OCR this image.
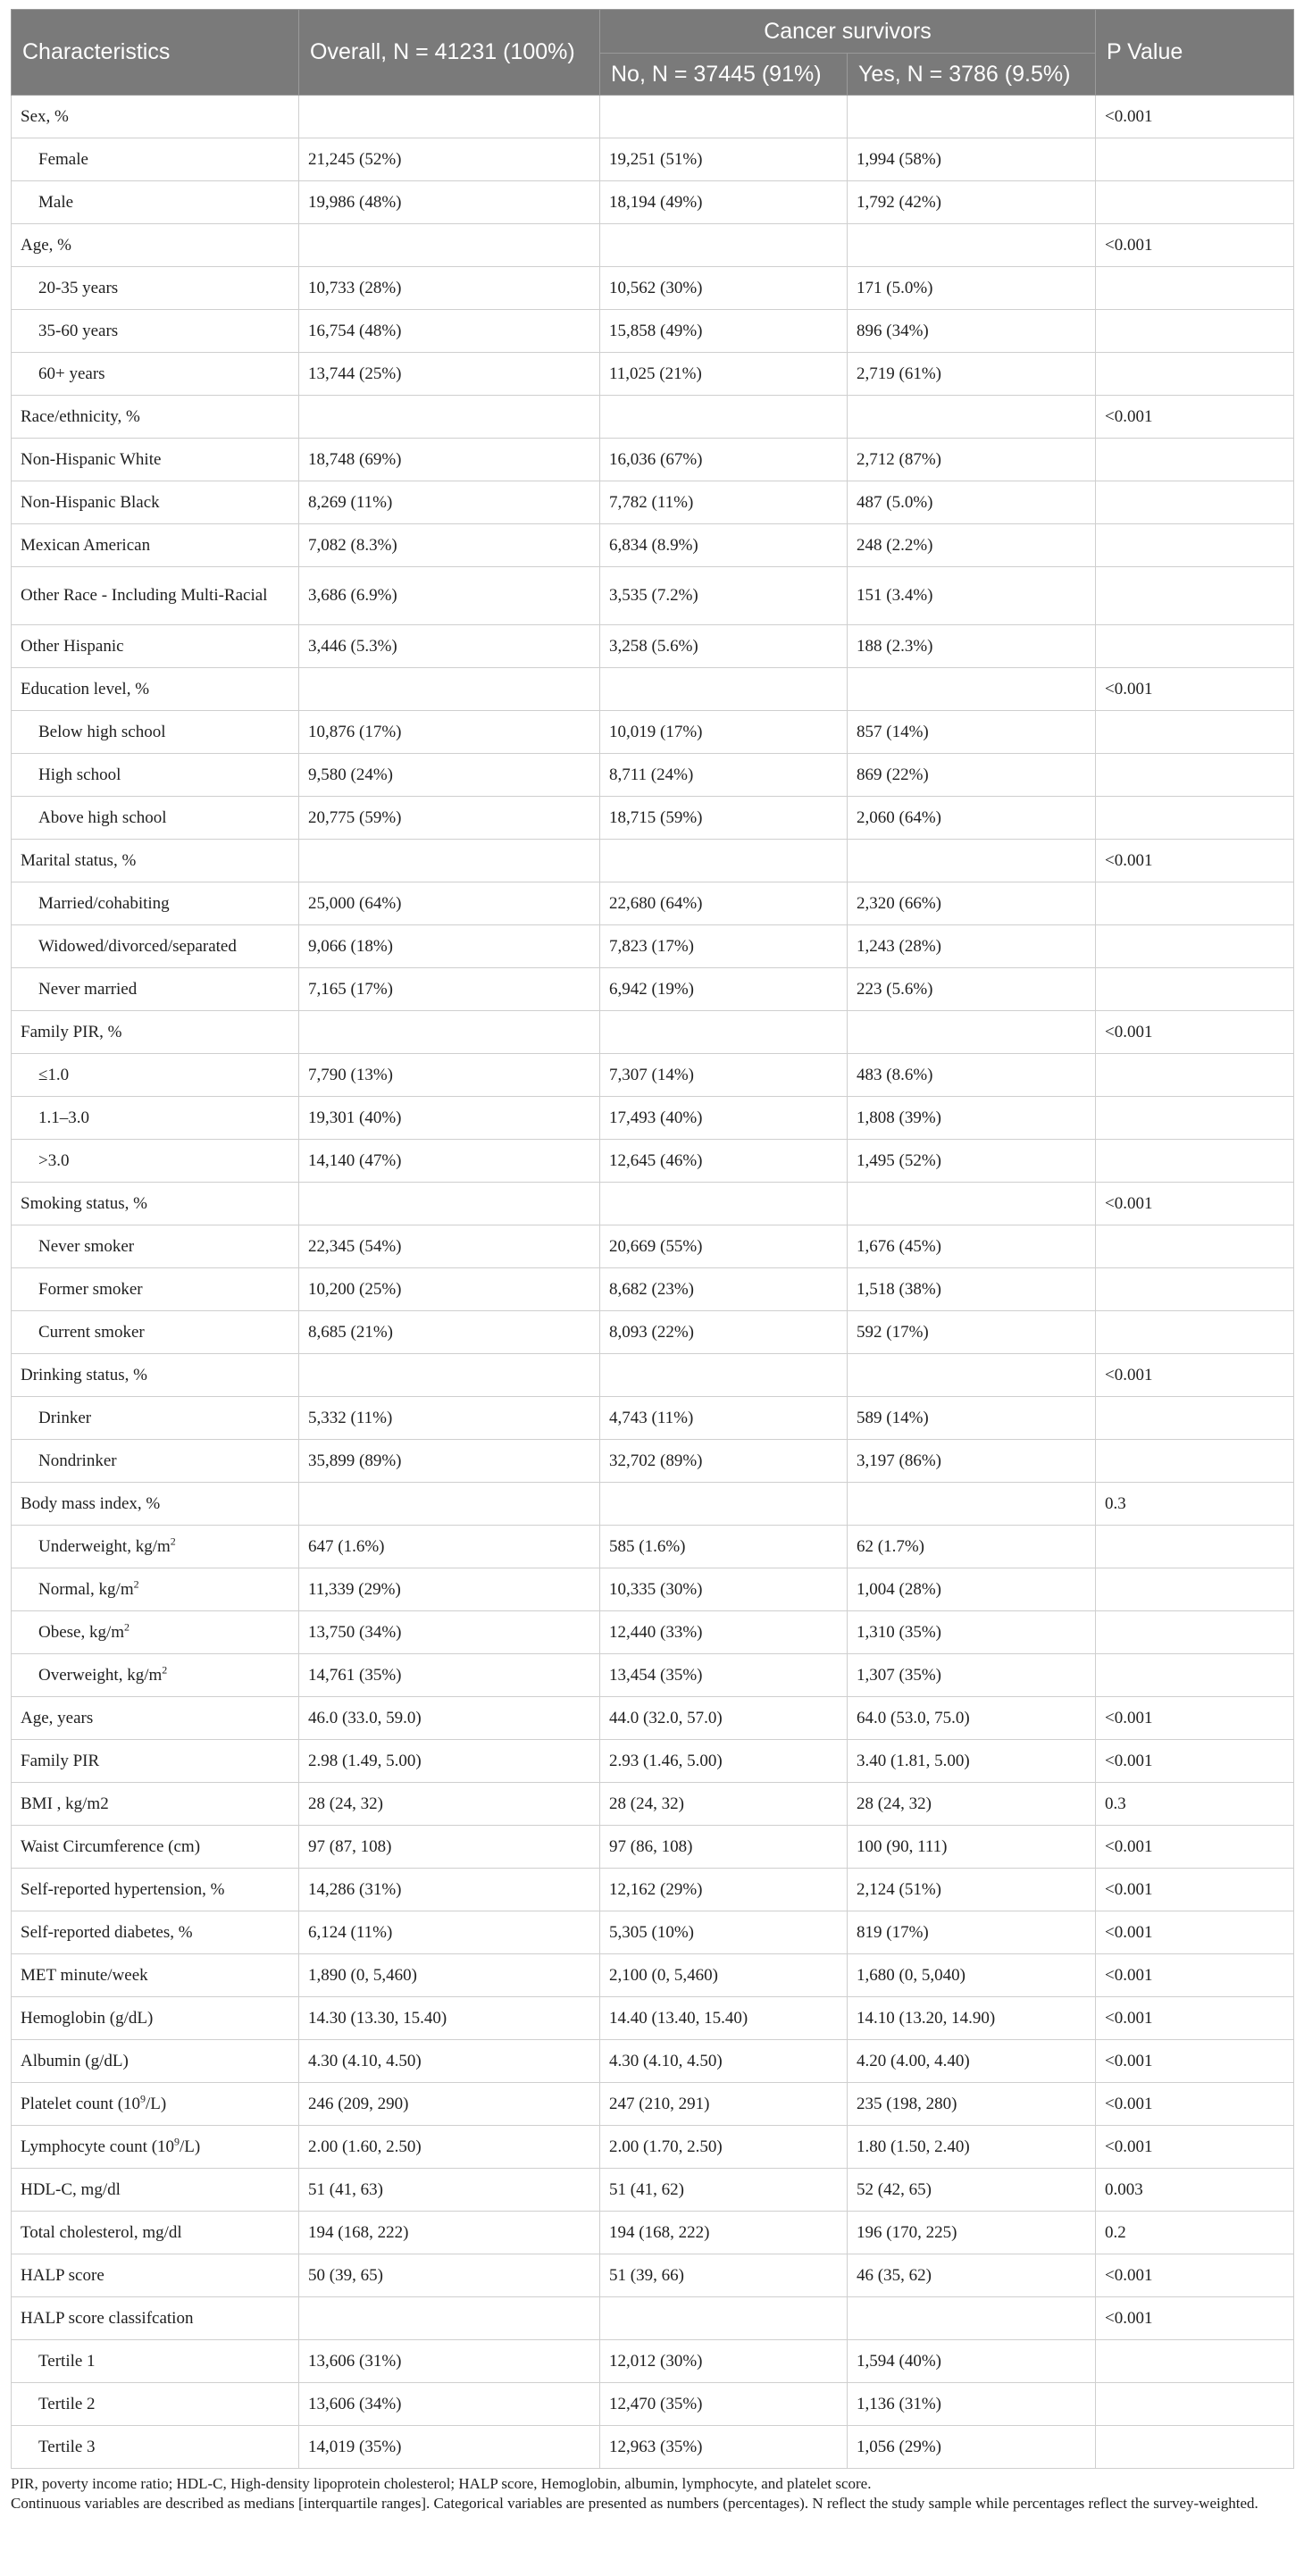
Characteristics	Overall, N = 41231 (100%)	Cancer survivors		P Value
		No, N = 37445 (91%)	Yes, N = 3786 (9.5%)	
Sex, %				<0.001
Female	21,245 (52%)	19,251 (51%)	1,994 (58%)	
Male	19,986 (48%)	18,194 (49%)	1,792 (42%)	
Age, %				<0.001
20-35 years	10,733 (28%)	10,562 (30%)	171 (5.0%)	
35-60 years	16,754 (48%)	15,858 (49%)	896 (34%)	
60+ years	13,744 (25%)	11,025 (21%)	2,719 (61%)	
Race/ethnicity, %				<0.001
Non-Hispanic White	18,748 (69%)	16,036 (67%)	2,712 (87%)	
Non-Hispanic Black	8,269 (11%)	7,782 (11%)	487 (5.0%)	
Mexican American	7,082 (8.3%)	6,834 (8.9%)	248 (2.2%)	
Other Race - Including Multi-Racial	3,686 (6.9%)	3,535 (7.2%)	151 (3.4%)	
Other Hispanic	3,446 (5.3%)	3,258 (5.6%)	188 (2.3%)	
Education level, %				<0.001
Below high school	10,876 (17%)	10,019 (17%)	857 (14%)	
High school	9,580 (24%)	8,711 (24%)	869 (22%)	
Above high school	20,775 (59%)	18,715 (59%)	2,060 (64%)	
Marital status, %				<0.001
Married/cohabiting	25,000 (64%)	22,680 (64%)	2,320 (66%)	
Widowed/divorced/separated	9,066 (18%)	7,823 (17%)	1,243 (28%)	
Never married	7,165 (17%)	6,942 (19%)	223 (5.6%)	
Family PIR, %				<0.001
≤1.0	7,790 (13%)	7,307 (14%)	483 (8.6%)	
1.1–3.0	19,301 (40%)	17,493 (40%)	1,808 (39%)	
>3.0	14,140 (47%)	12,645 (46%)	1,495 (52%)	
Smoking status, %				<0.001
Never smoker	22,345 (54%)	20,669 (55%)	1,676 (45%)	
Former smoker	10,200 (25%)	8,682 (23%)	1,518 (38%)	
Current smoker	8,685 (21%)	8,093 (22%)	592 (17%)	
Drinking status, %				<0.001
Drinker	5,332 (11%)	4,743 (11%)	589 (14%)	
Nondrinker	35,899 (89%)	32,702 (89%)	3,197 (86%)	
Body mass index, %				0.3
Underweight, $kg/m^2$	647 (1.6%)	585 (1.6%)	62 (1.7%)	
Normal, $kg/m^2$	11,339 (29%)	10,335 (30%)	1,004 (28%)	
Obese, $kg/m^2$	13,750 (34%)	12,440 (33%)	1,310 (35%)	
Overweight, $kg/m^2$	14,761 (35%)	13,454 (35%)	1,307 (35%)	
Age, years	46.0 (33.0, 59.0)	44.0 (32.0, 57.0)	64.0 (53.0, 75.0)	<0.001
Family PIR	2.98 (1.49, 5.00)	2.93 (1.46, 5.00)	3.40 (1.81, 5.00)	<0.001
BMI , kg/m2	28 (24, 32)	28 (24, 32)	28 (24, 32)	0.3
Waist Circumference (cm)	97 (87, 108)	97 (86, 108)	100 (90, 111)	<0.001
Self-reported hypertension, %	14,286 (31%)	12,162 (29%)	2,124 (51%)	<0.001
Self-reported diabetes, %	6,124 (11%)	5,305 (10%)	819 (17%)	<0.001
MET minute/week	1,890 (0, 5,460)	2,100 (0, 5,460)	1,680 (0, 5,040)	<0.001
Hemoglobin (g/dL)	14.30 (13.30, 15.40)	14.40 (13.40, 15.40)	14.10 (13.20, 14.90)	<0.001
Albumin (g/dL)	4.30 (4.10, 4.50)	4.30 (4.10, 4.50)	4.20 (4.00, 4.40)	<0.001
Platelet count $(10^9/L)$	246 (209, 290)	247 (210, 291)	235 (198, 280)	<0.001
Lymphocyte count $(10^9/L)$	2.00 (1.60, 2.50)	2.00 (1.70, 2.50)	1.80 (1.50, 2.40)	<0.001
HDL-C, mg/dl	51 (41, 63)	51 (41, 62)	52 (42, 65)	0.003
Total cholesterol, mg/dl	194 (168, 222)	194 (168, 222)	196 (170, 225)	0.2
HALP score	50 (39, 65)	51 (39, 66)	46 (35, 62)	<0.001
HALP score classifcation				<0.001
Tertile 1	13,606 (31%)	12,012 (30%)	1,594 (40%)	
Tertile 2	13,606 (34%)	12,470 (35%)	1,136 (31%)	
Tertile 3	14,019 (35%)	12,963 (35%)	1,056 (29%)	
PIR, poverty income ratio; HDL-C, High-density lipoprotein cholesterol; HALP score, Hemoglobin, albumin, lymphocyte, and platelet score.
Continuous variables are described as medians [interquartile ranges]. Categorical variables are presented as numbers (percentages). N reflect the study sample while percentages reflect the survey-weighted.
